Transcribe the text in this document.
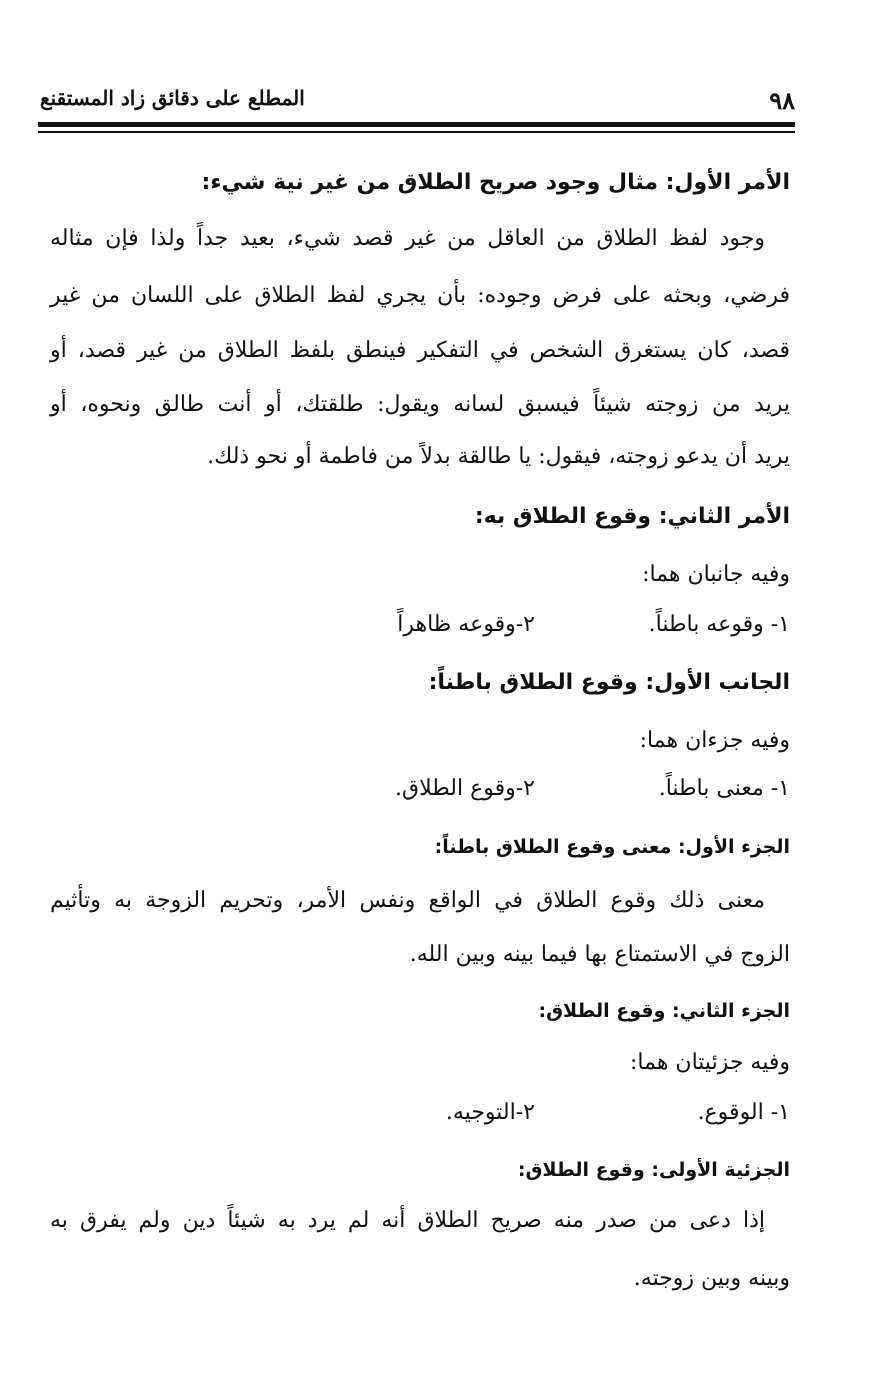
٩٨
المطلع على دقائق زاد المستقنع
الأمر الأول: مثال وجود صريح الطلاق من غير نية شيء:
وجود لفظ الطلاق من العاقل من غير قصد شيء، بعيد جداً ولذا فإن مثاله
فرضي، وبحثه على فرض وجوده: بأن يجري لفظ الطلاق على اللسان من غير
قصد، كان يستغرق الشخص في التفكير فينطق بلفظ الطلاق من غير قصد، أو
يريد من زوجته شيئاً فيسبق لسانه ويقول: طلقتك، أو أنت طالق ونحوه، أو
يريد أن يدعو زوجته، فيقول: يا طالقة بدلاً من فاطمة أو نحو ذلك.
الأمر الثاني: وقوع الطلاق به:
وفيه جانبان هما:
١- وقوعه باطناً.
٢-وقوعه ظاهراً
الجانب الأول: وقوع الطلاق باطناً:
وفيه جزءان هما:
١- معنى باطناً.
٢-وقوع الطلاق.
الجزء الأول: معنى وقوع الطلاق باطناً:
معنى ذلك وقوع الطلاق في الواقع ونفس الأمر، وتحريم الزوجة به وتأثيم
الزوج في الاستمتاع بها فيما بينه وبين الله.
الجزء الثاني: وقوع الطلاق:
وفيه جزئيتان هما:
١- الوقوع.
٢-التوجيه.
الجزئية الأولى: وقوع الطلاق:
إذا دعى من صدر منه صريح الطلاق أنه لم يرد به شيئاً دين ولم يفرق به
وبينه وبين زوجته.
